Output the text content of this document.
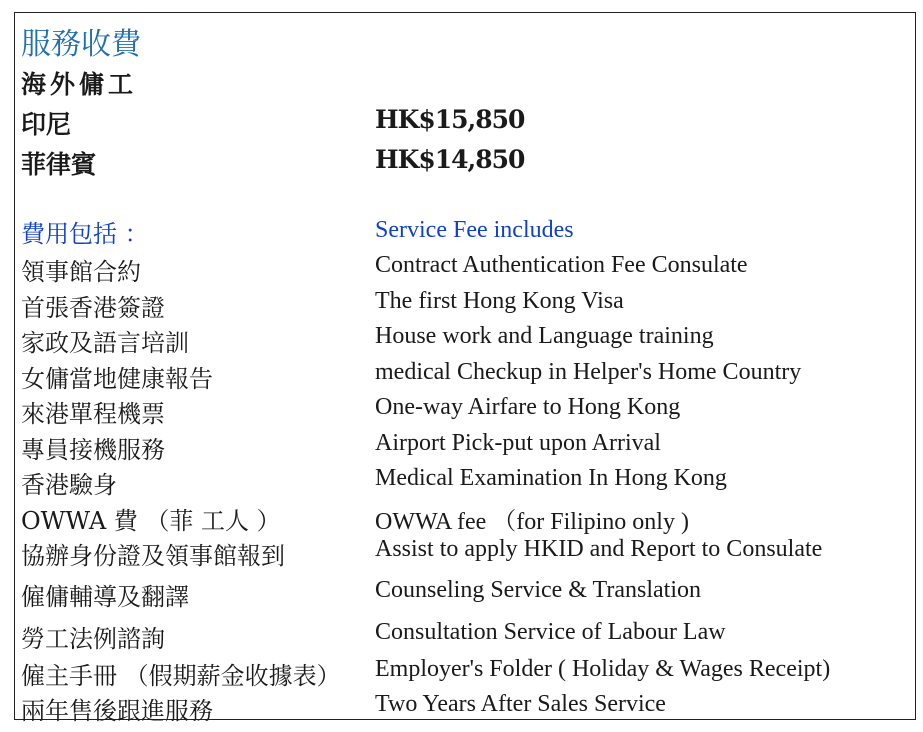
服務收費
海外傭工
印尼	HK$15,850
菲律賓	HK$14,850
費用包括 ：	Service Fee includes
領事館合約	Contract Authentication Fee Consulate
首張香港簽證	The first Hong Kong Visa
家政及語言培訓	House work and Language training
女傭當地健康報告	medical Checkup in Helper's Home Country
來港單程機票	One-way Airfare to Hong Kong
專員接機服務	Airport Pick-put upon Arrival
香港驗身	Medical Examination In Hong Kong
OWWA 費 （菲 工人 ）	OWWA fee （for Filipino only )
協辦身份證及領事館報到	Assist to apply HKID and Report to Consulate
僱傭輔導及翻譯	Counseling Service & Translation
勞工法例諮詢	Consultation Service of Labour Law
僱主手冊 （假期薪金收據表） Employer's Folder ( Holiday & Wages Receipt)
兩年售後跟進服務	Two Years After Sales Service
